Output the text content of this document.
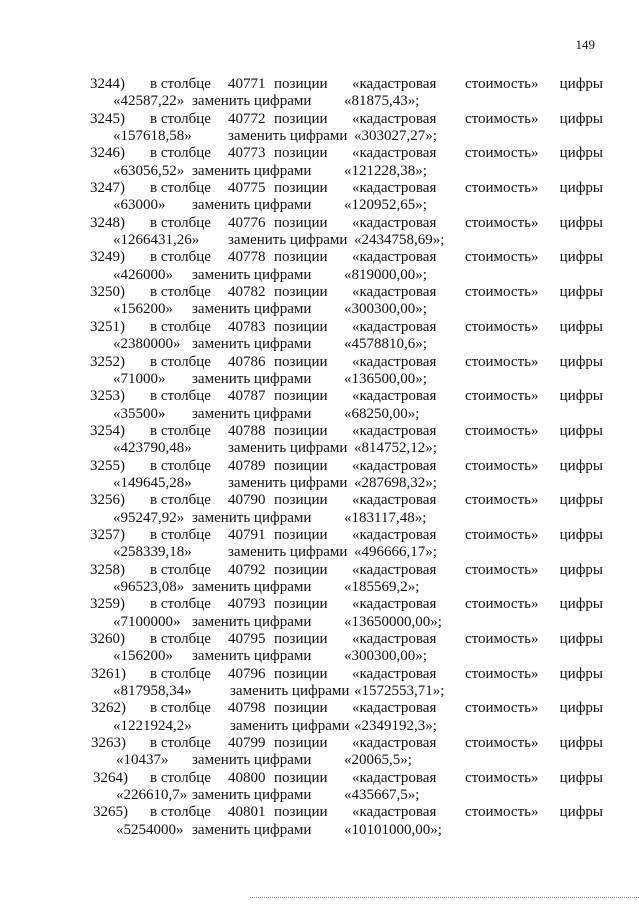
149
3244) в столбце 40771 позиции «кадастровая стоимость» цифры
«42587,22» заменить цифрами «81875,43»;
3245) в столбце 40772 позиции «кадастровая стоимость» цифры
«157618,58» заменить цифрами «303027,27»;
3246) в столбце 40773 позиции «кадастровая стоимость» цифры
«63056,52» заменить цифрами «121228,38»;
3247) в столбце 40775 позиции «кадастровая стоимость» цифры
«63000» заменить цифрами «120952,65»;
3248) в столбце 40776 позиции «кадастровая стоимость» цифры
«1266431,26» заменить цифрами «2434758,69»;
3249) в столбце 40778 позиции «кадастровая стоимость» цифры
«426000» заменить цифрами «819000,00»;
3250) в столбце 40782 позиции «кадастровая стоимость» цифры
«156200» заменить цифрами «300300,00»;
3251) в столбце 40783 позиции «кадастровая стоимость» цифры
«2380000» заменить цифрами «4578810,6»;
3252) в столбце 40786 позиции «кадастровая стоимость» цифры
«71000» заменить цифрами «136500,00»;
3253) в столбце 40787 позиции «кадастровая стоимость» цифры
«35500» заменить цифрами «68250,00»;
3254) в столбце 40788 позиции «кадастровая стоимость» цифры
«423790,48» заменить цифрами «814752,12»;
3255) в столбце 40789 позиции «кадастровая стоимость» цифры
«149645,28» заменить цифрами «287698,32»;
3256) в столбце 40790 позиции «кадастровая стоимость» цифры
«95247,92» заменить цифрами «183117,48»;
3257) в столбце 40791 позиции «кадастровая стоимость» цифры
«258339,18» заменить цифрами «496666,17»;
3258) в столбце 40792 позиции «кадастровая стоимость» цифры
«96523,08» заменить цифрами «185569,2»;
3259) в столбце 40793 позиции «кадастровая стоимость» цифры
«7100000» заменить цифрами «13650000,00»;
3260) в столбце 40795 позиции «кадастровая стоимость» цифры
«156200» заменить цифрами «300300,00»;
3261) в столбце 40796 позиции «кадастровая стоимость» цифры
«817958,34»	заменить цифрами «1572553,71»;
3262) в столбце 40798 позиции «кадастровая стоимость» цифры
«1221924,2»	заменить цифрами «2349192,3»;
3263) в столбце 40799 позиции «кадастровая стоимость» цифры
«10437» заменить цифрами «20065,5»;
3264) в столбце 40800 позиции «кадастровая стоимость» цифры
«226610,7» заменить цифрами «435667,5»;
3265) в столбце 40801 позиции «кадастровая стоимость» цифры
«5254000» заменить цифрами «10101000,00»;
